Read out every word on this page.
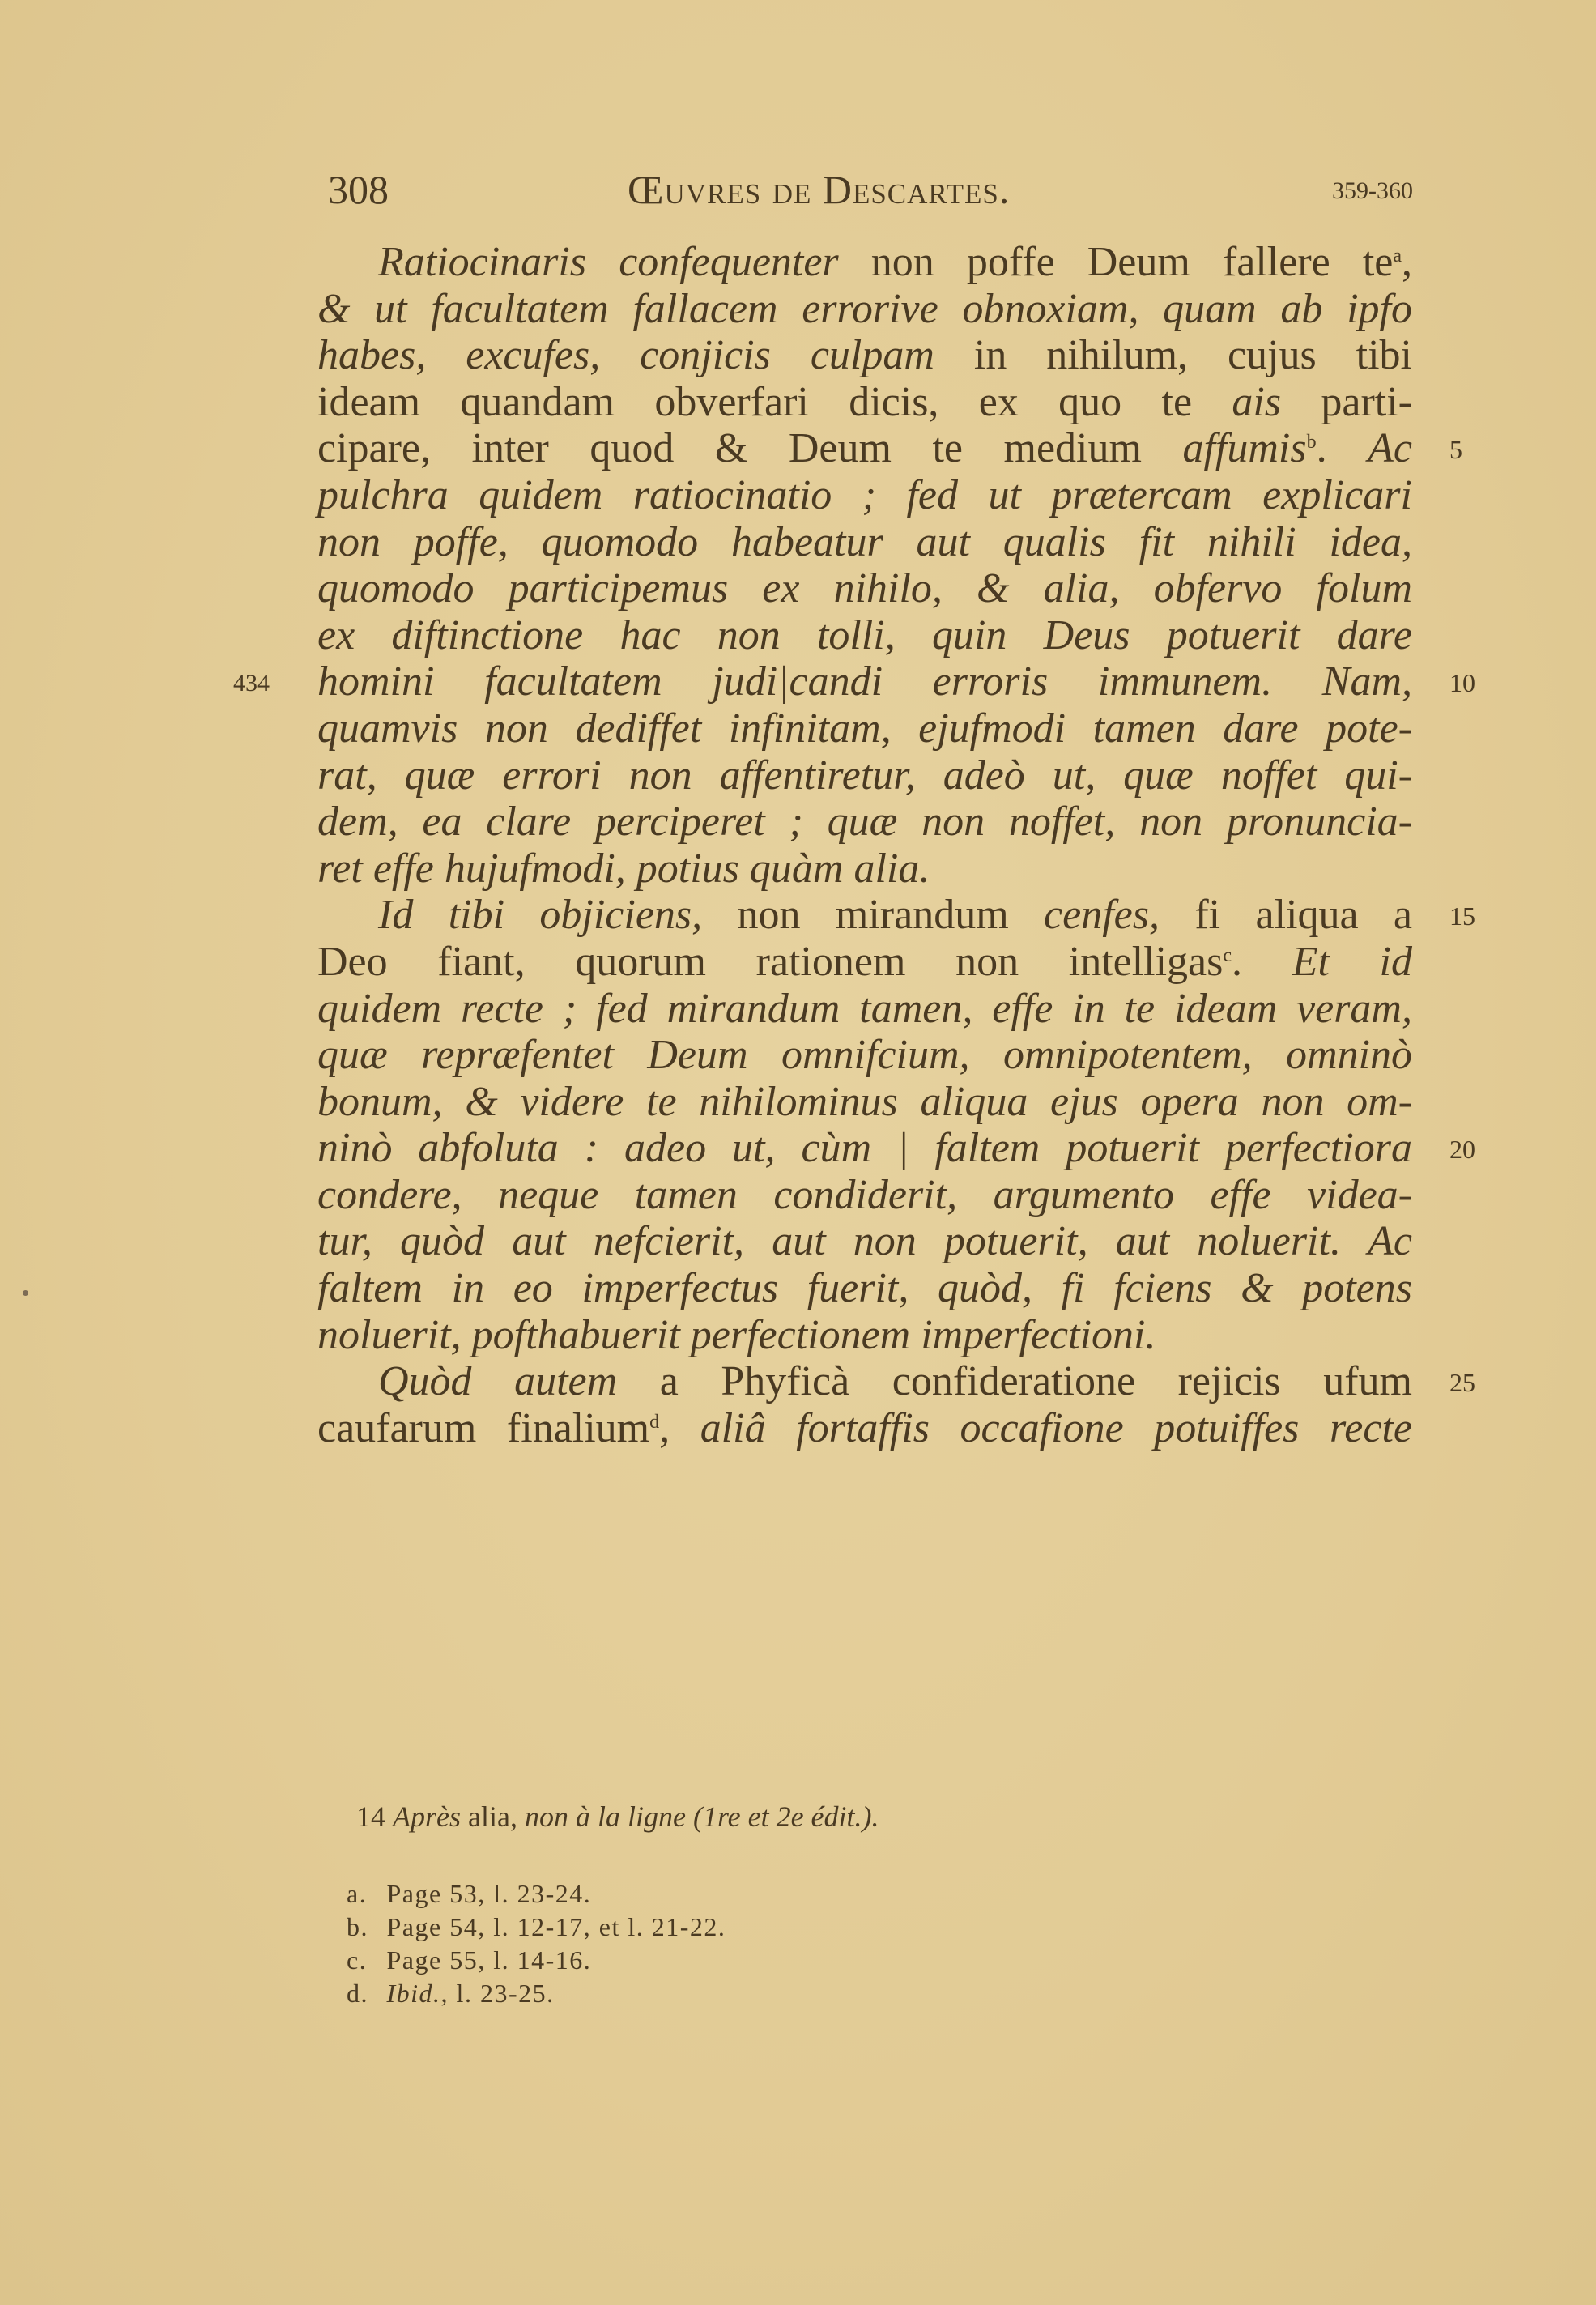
308	Œuvres de Descartes.	359-360
Ratiocinaris confequenter non poffe Deum fallere $te^a$,
& ut facultatem fallacem errorive obnoxiam, quam ab ipfo
habes, excufes, conjicis culpam in nihilum, cujus tibi
ideam quandam obverfari dicis, ex quo te ais parti-
cipare, inter quod & Deum te medium affumis$^b$. Ac
pulchra quidem ratiocinatio ; fed ut prætercam explicari
non poffe, quomodo habeatur aut qualis fit nihili idea,
quomodo participemus ex nihilo, & alia, obfervo folum
ex diftinctione hac non tolli, quin Deus potuerit dare
homini facultatem judi|candi erroris immunem. Nam,
quamvis non dediffet infinitam, ejufmodi tamen dare pote-
rat, quæ errori non affentiretur, adeò ut, quæ noffet qui-
dem, ea clare perciperet ; quæ non noffet, non pronuncia-
ret effe hujufmodi, potius quàm alia.
Id tibi objiciens, non mirandum cenfes, fi aliqua a
Deo fiant, quorum rationem non intelligas$^c$. Et id
quidem recte ; fed mirandum tamen, effe in te ideam veram,
quæ repræfentet Deum omnifcium, omnipotentem, omninò
bonum, & videre te nihilominus aliqua ejus opera non om-
ninò abfoluta : adeo ut, cùm | faltem potuerit perfectiora
condere, neque tamen condiderit, argumento effe videa-
tur, quòd aut nefcierit, aut non potuerit, aut noluerit. Ac
faltem in eo imperfectus fuerit, quòd, fi fciens & potens
noluerit, pofthabuerit perfectionem imperfectioni.
Quòd autem a Phyficà confideratione rejicis ufum
caufarum finalium$^d$, aliâ fortaffis occafione potuiffes recte
5
10
15
20
25
434
14 Après alia, non à la ligne (1re et 2e édit.).
a. Page 53, l. 23-24.
b. Page 54, l. 12-17, et l. 21-22.
c. Page 55, l. 14-16.
d. Ibid., l. 23-25.
